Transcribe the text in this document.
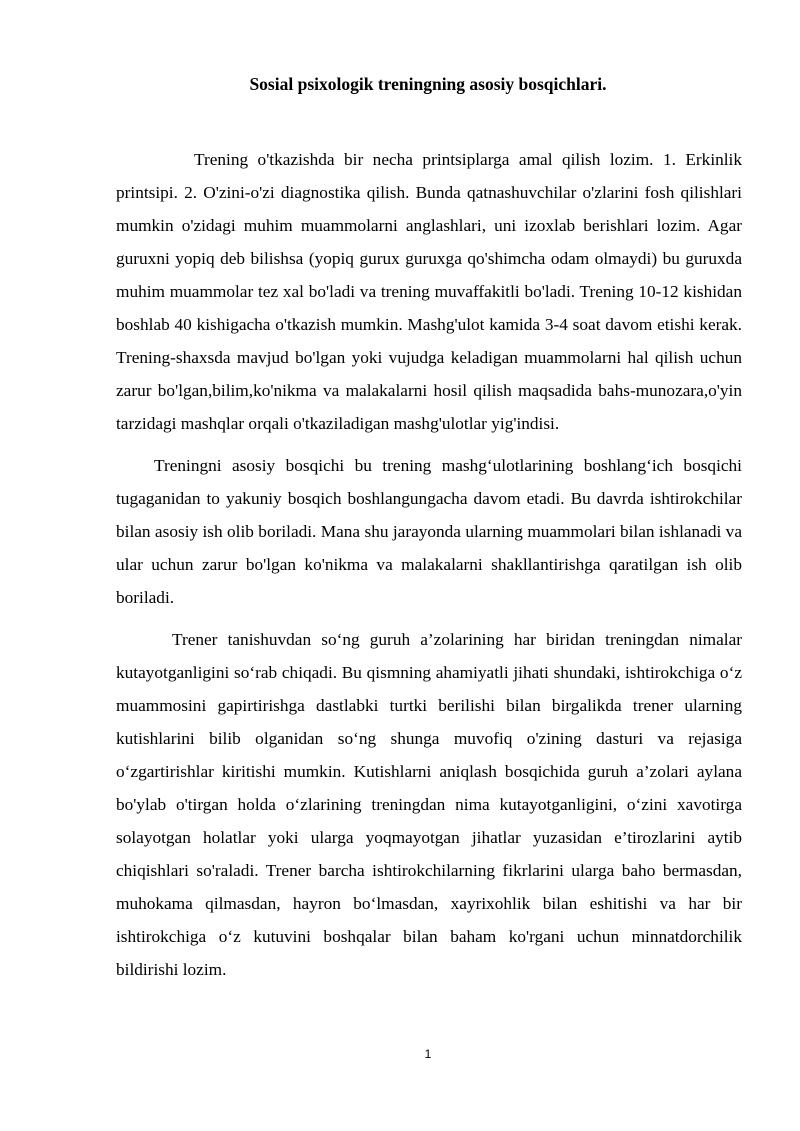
Sosial psixologik treningning asosiy bosqichlari.

Trening o'tkazishda bir necha printsiplarga amal qilish lozim. 1. Erkinlik printsipi. 2. O'zini-o'zi diagnostika qilish. Bunda qatnashuvchilar o'zlarini fosh qilishlari mumkin o'zidagi muhim muammolarni anglashlari, uni izoxlab berishlari lozim. Agar guruxni yopiq deb bilishsa (yopiq gurux guruxga qo'shimcha odam olmaydi) bu guruxda muhim muammolar tez xal bo'ladi va trening muvaffakitli bo'ladi. Trening 10-12 kishidan boshlab 40 kishigacha o'tkazish mumkin. Mashg'ulot kamida 3-4 soat davom etishi kerak. Trening-shaxsda mavjud bo'lgan yoki vujudga keladigan muammolarni hal qilish uchun zarur bo'lgan,bilim,ko'nikma va malakalarni hosil qilish maqsadida bahs-munozara,o'yin tarzidagi mashqlar orqali o'tkaziladigan mashg'ulotlar yig'indisi.

Treningni asosiy bosqichi bu trening mashg‘ulotlarining boshlang‘ich bosqichi tugaganidan to yakuniy bosqich boshlangungacha davom etadi. Bu davrda ishtirokchilar bilan asosiy ish olib boriladi. Mana shu jarayonda ularning muammolari bilan ishlanadi va ular uchun zarur bo'lgan ko'nikma va malakalarni shakllantirishga qaratilgan ish olib boriladi.

Trener tanishuvdan so‘ng guruh a’zolarining har biridan treningdan nimalar kutayotganligini so‘rab chiqadi. Bu qismning ahamiyatli jihati shundaki, ishtirokchiga o‘z muammosini gapirtirishga dastlabki turtki berilishi bilan birgalikda trener ularning kutishlarini bilib olganidan so‘ng shunga muvofiq o'zining dasturi va rejasiga o‘zgartirishlar kiritishi mumkin. Kutishlarni aniqlash bosqichida guruh a’zolari aylana bo'ylab o'tirgan holda o‘zlarining treningdan nima kutayotganligini, o‘zini xavotirga solayotgan holatlar yoki ularga yoqmayotgan jihatlar yuzasidan e’tirozlarini aytib chiqishlari so'raladi. Trener barcha ishtirokchilarning fikrlarini ularga baho bermasdan, muhokama qilmasdan, hayron bo‘lmasdan, xayrixohlik bilan eshitishi va har bir ishtirokchiga o‘z kutuvini boshqalar bilan baham ko'rgani uchun minnatdorchilik bildirishi lozim.

1
